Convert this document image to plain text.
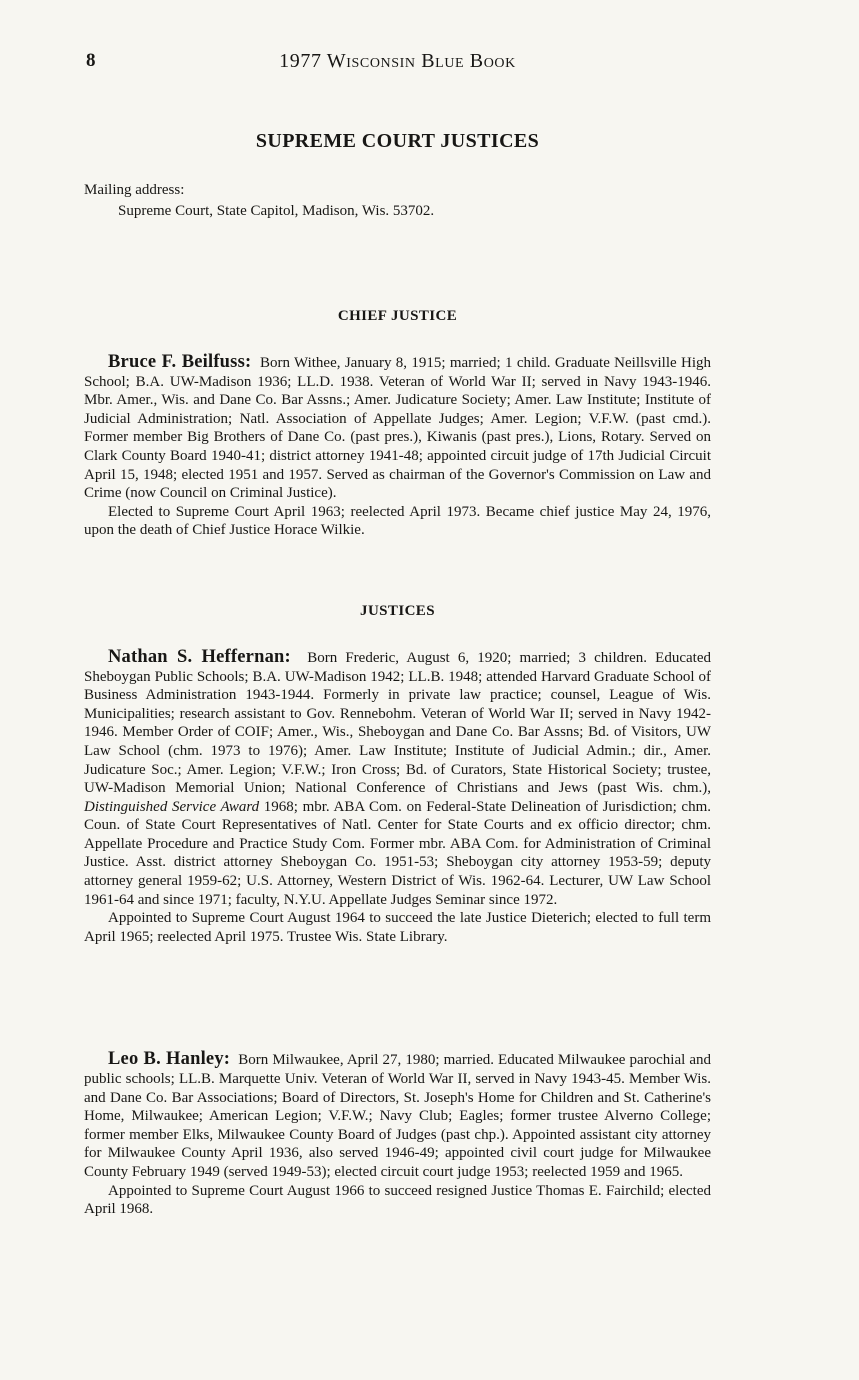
8	1977 Wisconsin Blue Book
SUPREME COURT JUSTICES
Mailing address:
Supreme Court, State Capitol, Madison, Wis. 53702.
CHIEF JUSTICE

Bruce F. Beilfuss: Born Withee, January 8, 1915; married; 1 child. Graduate Neillsville High School; B.A. UW-Madison 1936; LL.D. 1938. Veteran of World War II; served in Navy 1943-1946. Mbr. Amer., Wis. and Dane Co. Bar Assns.; Amer. Judicature Society; Amer. Law Institute; Institute of Judicial Administration; Natl. Association of Appellate Judges; Amer. Legion; V.F.W. (past cmd.). Former member Big Brothers of Dane Co. (past pres.), Kiwanis (past pres.), Lions, Rotary. Served on Clark County Board 1940-41; district attorney 1941-48; appointed circuit judge of 17th Judicial Circuit April 15, 1948; elected 1951 and 1957. Served as chairman of the Governor's Commission on Law and Crime (now Council on Criminal Justice).

Elected to Supreme Court April 1963; reelected April 1973. Became chief justice May 24, 1976, upon the death of Chief Justice Horace Wilkie.

JUSTICES

Nathan S. Heffernan: Born Frederic, August 6, 1920; married; 3 children. Educated Sheboygan Public Schools; B.A. UW-Madison 1942; LL.B. 1948; attended Harvard Graduate School of Business Administration 1943-1944. Formerly in private law practice; counsel, League of Wis. Municipalities; research assistant to Gov. Rennebohm. Veteran of World War II; served in Navy 1942-1946. Member Order of COIF; Amer., Wis., Sheboygan and Dane Co. Bar Assns; Bd. of Visitors, UW Law School (chm. 1973 to 1976); Amer. Law Institute; Institute of Judicial Admin.; dir., Amer. Judicature Soc.; Amer. Legion; V.F.W.; Iron Cross; Bd. of Curators, State Historical Society; trustee, UW-Madison Memorial Union; National Conference of Christians and Jews (past Wis. chm.), Distinguished Service Award 1968; mbr. ABA Com. on Federal-State Delineation of Jurisdiction; chm. Coun. of State Court Representatives of Natl. Center for State Courts and ex officio director; chm. Appellate Procedure and Practice Study Com. Former mbr. ABA Com. for Administration of Criminal Justice. Asst. district attorney Sheboygan Co. 1951-53; Sheboygan city attorney 1953-59; deputy attorney general 1959-62; U.S. Attorney, Western District of Wis. 1962-64. Lecturer, UW Law School 1961-64 and since 1971; faculty, N.Y.U. Appellate Judges Seminar since 1972.

Appointed to Supreme Court August 1964 to succeed the late Justice Dieterich; elected to full term April 1965; reelected April 1975. Trustee Wis. State Library.

Leo B. Hanley: Born Milwaukee, April 27, 1980; married. Educated Milwaukee parochial and public schools; LL.B. Marquette Univ. Veteran of World War II, served in Navy 1943-45. Member Wis. and Dane Co. Bar Associations; Board of Directors, St. Joseph's Home for Children and St. Catherine's Home, Milwaukee; American Legion; V.F.W.; Navy Club; Eagles; former trustee Alverno College; former member Elks, Milwaukee County Board of Judges (past chp.). Appointed assistant city attorney for Milwaukee County April 1936, also served 1946-49; appointed civil court judge for Milwaukee County February 1949 (served 1949-53); elected circuit court judge 1953; reelected 1959 and 1965.

Appointed to Supreme Court August 1966 to succeed resigned Justice Thomas E. Fairchild; elected April 1968.
